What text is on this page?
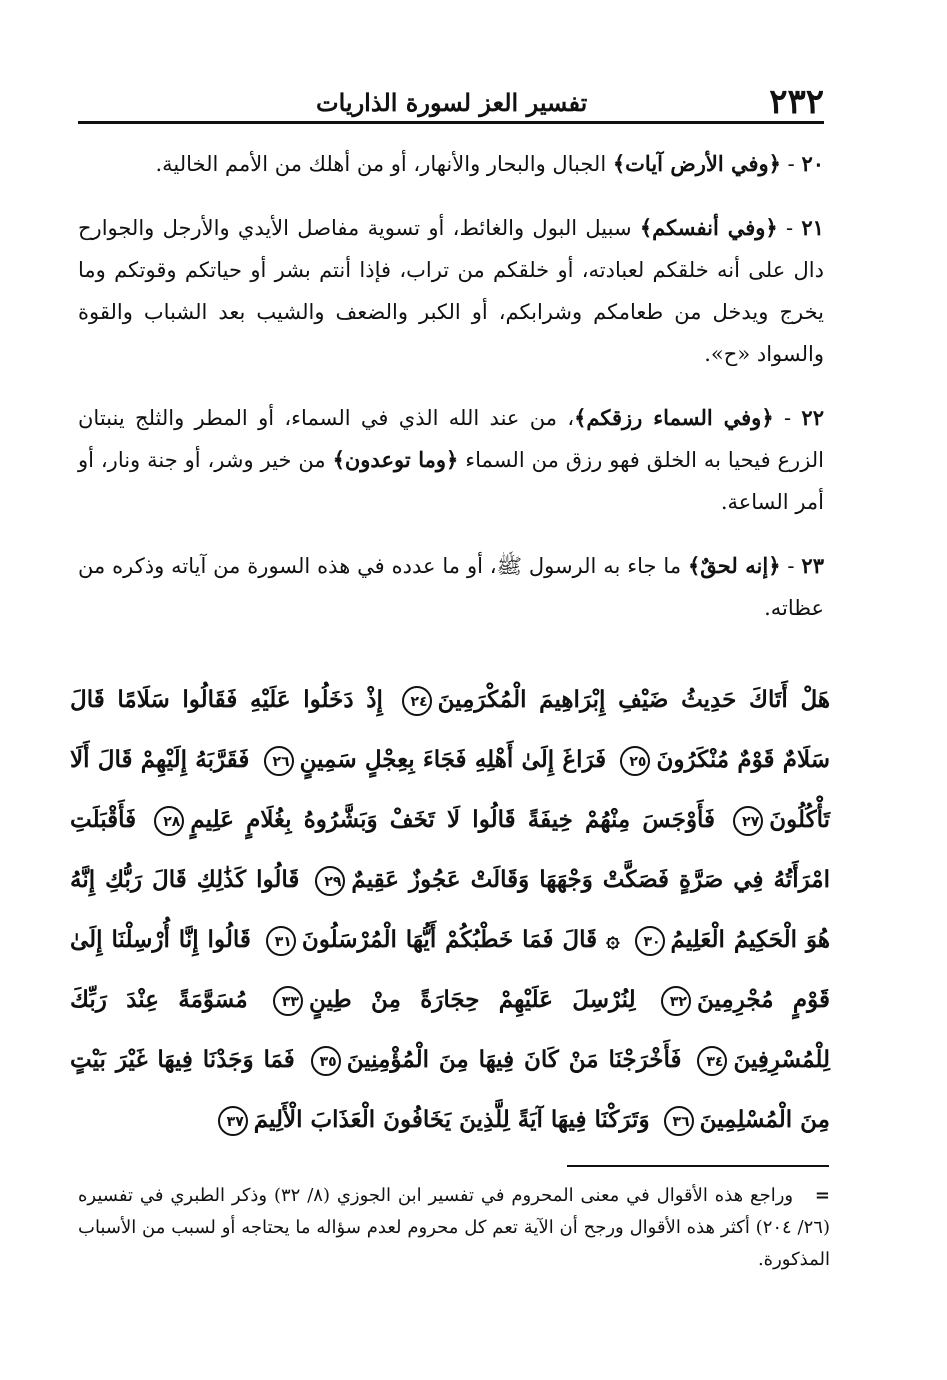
٢٣٢
تفسير العز لسورة الذاريات

٢٠ - ﴿وفي الأرض آيات﴾ الجبال والبحار والأنهار، أو من أهلك من الأمم الخالية.

٢١ - ﴿وفي أنفسكم﴾ سبيل البول والغائط، أو تسوية مفاصل الأيدي والأرجل والجوارح دال على أنه خلقكم لعبادته، أو خلقكم من تراب، فإذا أنتم بشر أو حياتكم وقوتكم وما يخرج ويدخل من طعامكم وشرابكم، أو الكبر والضعف والشيب بعد الشباب والقوة والسواد «ح».

٢٢ - ﴿وفي السماء رزقكم﴾، من عند الله الذي في السماء، أو المطر والثلج ينبتان الزرع فيحيا به الخلق فهو رزق من السماء ﴿وما توعدون﴾ من خير وشر، أو جنة ونار، أو أمر الساعة.

٢٣ - ﴿إنه لحقٌ﴾ ما جاء به الرسول ﷺ، أو ما عدده في هذه السورة من آياته وذكره من عظاته.

هَلْ أَتَاكَ حَدِيثُ ضَيْفِ إِبْرَاهِيمَ الْمُكْرَمِينَ٢٤ إِذْ دَخَلُوا عَلَيْهِ فَقَالُوا سَلَامًا قَالَ سَلَامٌ قَوْمٌ مُنْكَرُونَ٢٥ فَرَاغَ إِلَىٰ أَهْلِهِ فَجَاءَ بِعِجْلٍ سَمِينٍ٢٦ فَقَرَّبَهُ إِلَيْهِمْ قَالَ أَلَا تَأْكُلُونَ٢٧ فَأَوْجَسَ مِنْهُمْ خِيفَةً قَالُوا لَا تَخَفْ وَبَشَّرُوهُ بِغُلَامٍ عَلِيمٍ٢٨ فَأَقْبَلَتِ امْرَأَتُهُ فِي صَرَّةٍ فَصَكَّتْ وَجْهَهَا وَقَالَتْ عَجُوزٌ عَقِيمٌ٢٩ قَالُوا كَذَٰلِكِ قَالَ رَبُّكِ إِنَّهُ هُوَ الْحَكِيمُ الْعَلِيمُ٣٠ ۞ قَالَ فَمَا خَطْبُكُمْ أَيُّهَا الْمُرْسَلُونَ٣١ قَالُوا إِنَّا أُرْسِلْنَا إِلَىٰ قَوْمٍ مُجْرِمِينَ٣٢ لِنُرْسِلَ عَلَيْهِمْ حِجَارَةً مِنْ طِينٍ٣٣ مُسَوَّمَةً عِنْدَ رَبِّكَ لِلْمُسْرِفِينَ٣٤ فَأَخْرَجْنَا مَنْ كَانَ فِيهَا مِنَ الْمُؤْمِنِينَ٣٥ فَمَا وَجَدْنَا فِيهَا غَيْرَ بَيْتٍ مِنَ الْمُسْلِمِينَ٣٦ وَتَرَكْنَا فِيهَا آيَةً لِلَّذِينَ يَخَافُونَ الْعَذَابَ الْأَلِيمَ٣٧
= وراجع هذه الأقوال في معنى المحروم في تفسير ابن الجوزي (٨/ ٣٢) وذكر الطبري في تفسيره (٢٦/ ٢٠٤) أكثر هذه الأقوال ورجح أن الآية تعم كل محروم لعدم سؤاله ما يحتاجه أو لسبب من الأسباب المذكورة.
